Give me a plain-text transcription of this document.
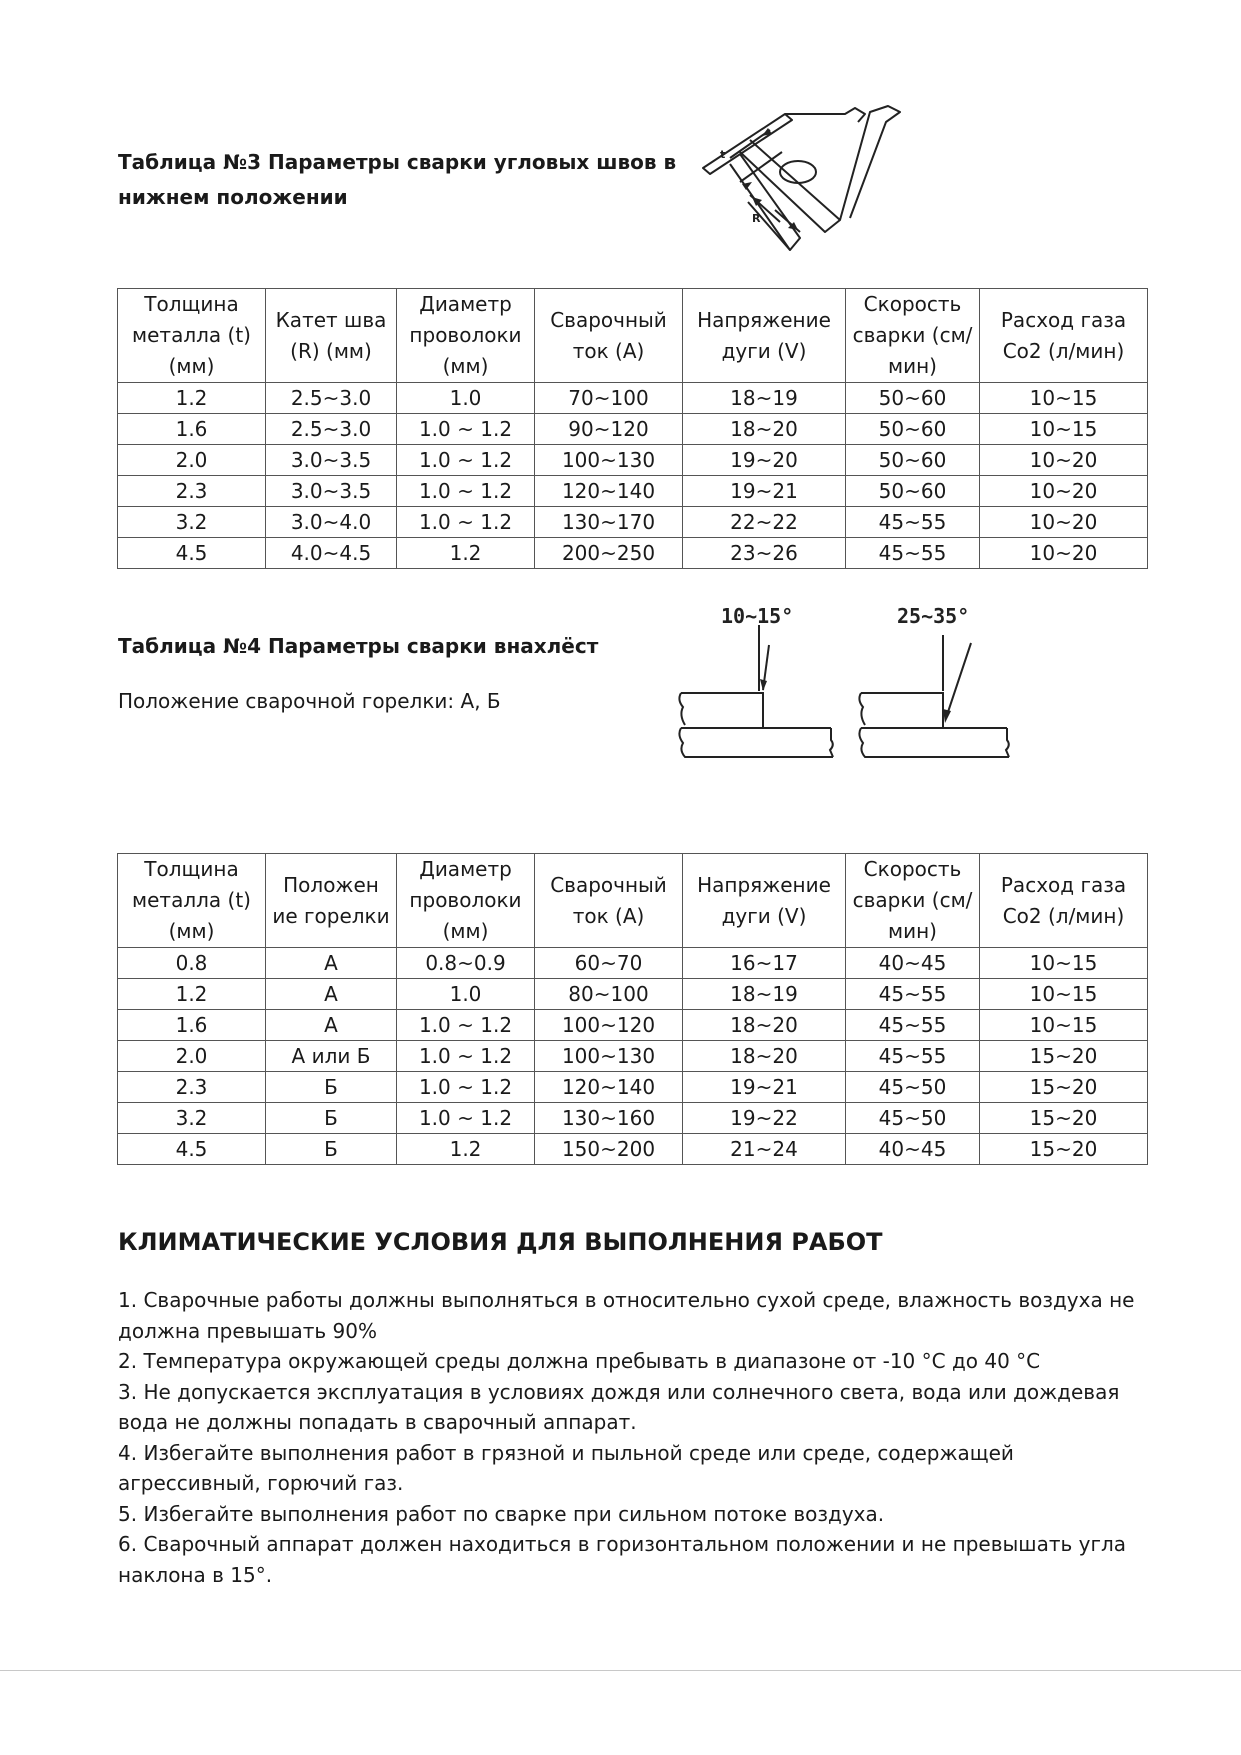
Таблица №3 Параметры сварки угловых швов в нижнем положении
t
R
Толщина металла (t) (мм)	Катет шва (R) (мм)	Диаметр проволоки (мм)	Сварочный ток (А)	Напряжение дуги (V)	Скорость сварки (см/мин)	Расход газа Co2 (л/мин)
1.2	2.5~3.0	1.0	70~100	18~19	50~60	10~15
1.6	2.5~3.0	1.0 ~ 1.2	90~120	18~20	50~60	10~15
2.0	3.0~3.5	1.0 ~ 1.2	100~130	19~20	50~60	10~20
2.3	3.0~3.5	1.0 ~ 1.2	120~140	19~21	50~60	10~20
3.2	3.0~4.0	1.0 ~ 1.2	130~170	22~22	45~55	10~20
4.5	4.0~4.5	1.2	200~250	23~26	45~55	10~20
Таблица №4 Параметры сварки внахлёст
Положение сварочной горелки: А, Б
10~15°	25~35°
Толщина металла (t) (мм)	Положен ие горелки	Диаметр проволоки (мм)	Сварочный ток (А)	Напряжение дуги (V)	Скорость сварки (см/мин)	Расход газа Co2 (л/мин)
0.8	А	0.8~0.9	60~70	16~17	40~45	10~15
1.2	А	1.0	80~100	18~19	45~55	10~15
1.6	А	1.0 ~ 1.2	100~120	18~20	45~55	10~15
2.0	А или Б	1.0 ~ 1.2	100~130	18~20	45~55	15~20
2.3	Б	1.0 ~ 1.2	120~140	19~21	45~50	15~20
3.2	Б	1.0 ~ 1.2	130~160	19~22	45~50	15~20
4.5	Б	1.2	150~200	21~24	40~45	15~20
КЛИМАТИЧЕСКИЕ УСЛОВИЯ ДЛЯ ВЫПОЛНЕНИЯ РАБОТ

1. Сварочные работы должны выполняться в относительно сухой среде, влажность воздуха не должна превышать 90%

2. Температура окружающей среды должна пребывать в диапазоне от -10 °С до 40 °С

3. Не допускается эксплуатация в условиях дождя или солнечного света, вода или дождевая вода не должны попадать в сварочный аппарат.

4. Избегайте выполнения работ в грязной и пыльной среде или среде, содержащей агрессивный, горючий газ.

5. Избегайте выполнения работ по сварке при сильном потоке воздуха.

6. Сварочный аппарат должен находиться в горизонтальном положении и не превышать угла наклона в 15°.
